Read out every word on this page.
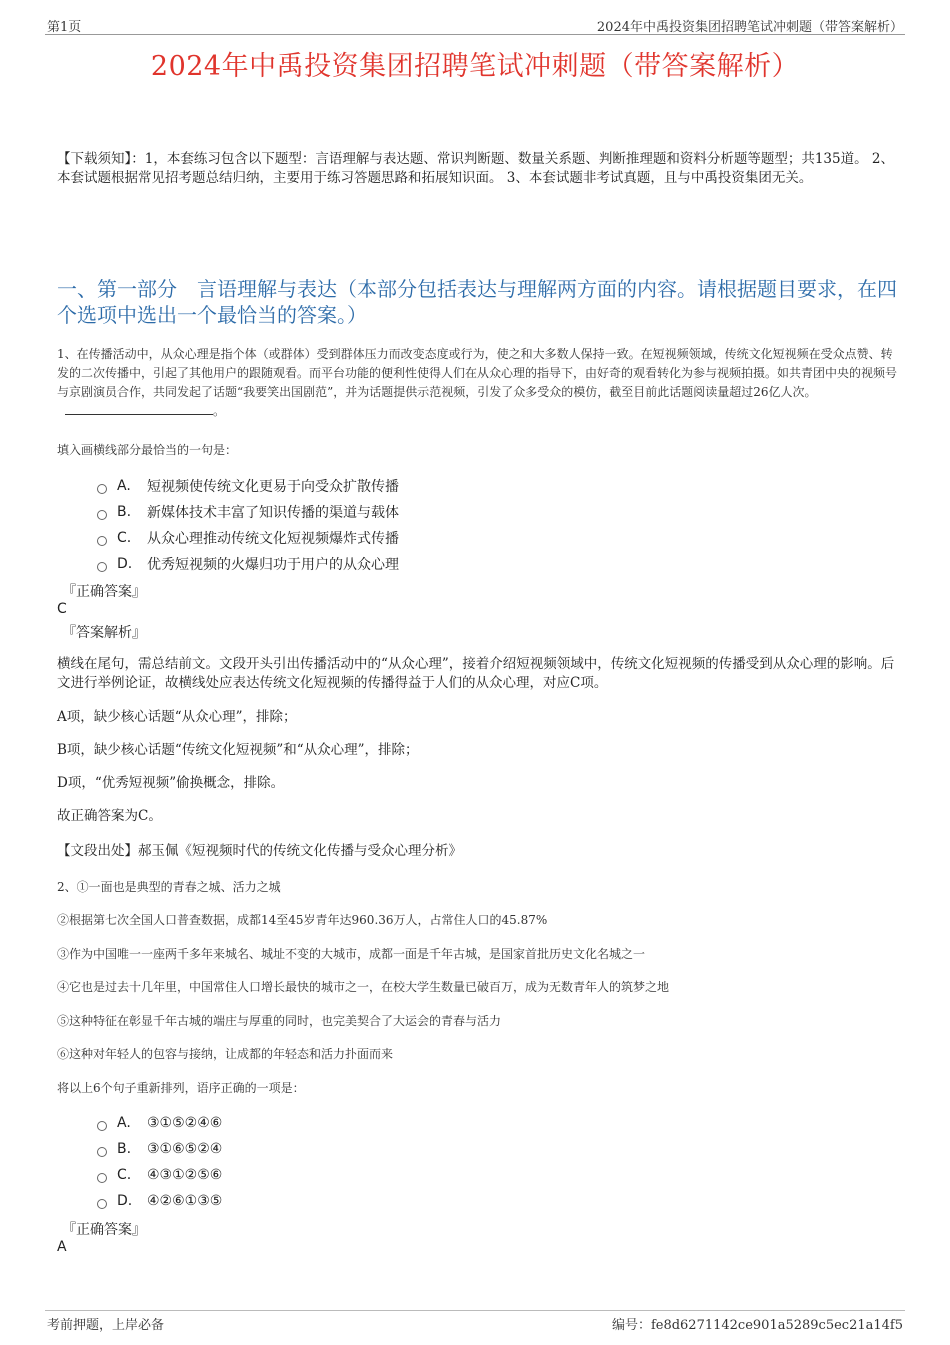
第1页	2024年中禹投资集团招聘笔试冲刺题（带答案解析）
2024年中禹投资集团招聘笔试冲刺题（带答案解析）
【下载须知】：1，本套练习包含以下题型：言语理解与表达题、常识判断题、数量关系题、判断推理题和资料分析题等题型；共135道。 2、本套试题根据常见招考题总结归纳，主要用于练习答题思路和拓展知识面。 3、本套试题非考试真题，且与中禹投资集团无关。
一、第一部分　言语理解与表达（本部分包括表达与理解两方面的内容。请根据题目要求，在四个选项中选出一个最恰当的答案。）
1、在传播活动中，从众心理是指个体（或群体）受到群体压力而改变态度或行为，使之和大多数人保持一致。在短视频领域，传统文化短视频在受众点赞、转发的二次传播中，引起了其他用户的跟随观看。而平台功能的便利性使得人们在从众心理的指导下，由好奇的观看转化为参与视频拍摄。如共青团中央的视频号与京剧演员合作，共同发起了话题“我要笑出国剧范”，并为话题提供示范视频，引发了众多受众的模仿，截至目前此话题阅读量超过26亿人次。。
填入画横线部分最恰当的一句是：
A.	短视频使传统文化更易于向受众扩散传播
B.	新媒体技术丰富了知识传播的渠道与载体
C.	从众心理推动传统文化短视频爆炸式传播
D.	优秀短视频的火爆归功于用户的从众心理
『正确答案』
C
『答案解析』
横线在尾句，需总结前文。文段开头引出传播活动中的“从众心理”，接着介绍短视频领域中，传统文化短视频的传播受到从众心理的影响。后文进行举例论证，故横线处应表达传统文化短视频的传播得益于人们的从众心理，对应C项。
A项，缺少核心话题“从众心理”，排除；
B项，缺少核心话题“传统文化短视频”和“从众心理”，排除；
D项，“优秀短视频”偷换概念，排除。
故正确答案为C。
【文段出处】郝玉佩《短视频时代的传统文化传播与受众心理分析》
2、①一面也是典型的青春之城、活力之城
②根据第七次全国人口普查数据，成都14至45岁青年达960.36万人，占常住人口的45.87%
③作为中国唯一一座两千多年来城名、城址不变的大城市，成都一面是千年古城，是国家首批历史文化名城之一
④它也是过去十几年里，中国常住人口增长最快的城市之一，在校大学生数量已破百万，成为无数青年人的筑梦之地
⑤这种特征在彰显千年古城的端庄与厚重的同时，也完美契合了大运会的青春与活力
⑥这种对年轻人的包容与接纳，让成都的年轻态和活力扑面而来
将以上6个句子重新排列，语序正确的一项是：
A.	③①⑤②④⑥
B.	③①⑥⑤②④
C.	④③①②⑤⑥
D.	④②⑥①③⑤
『正确答案』
A
考前押题，上岸必备	编号：fe8d6271142ce901a5289c5ec21a14f5
